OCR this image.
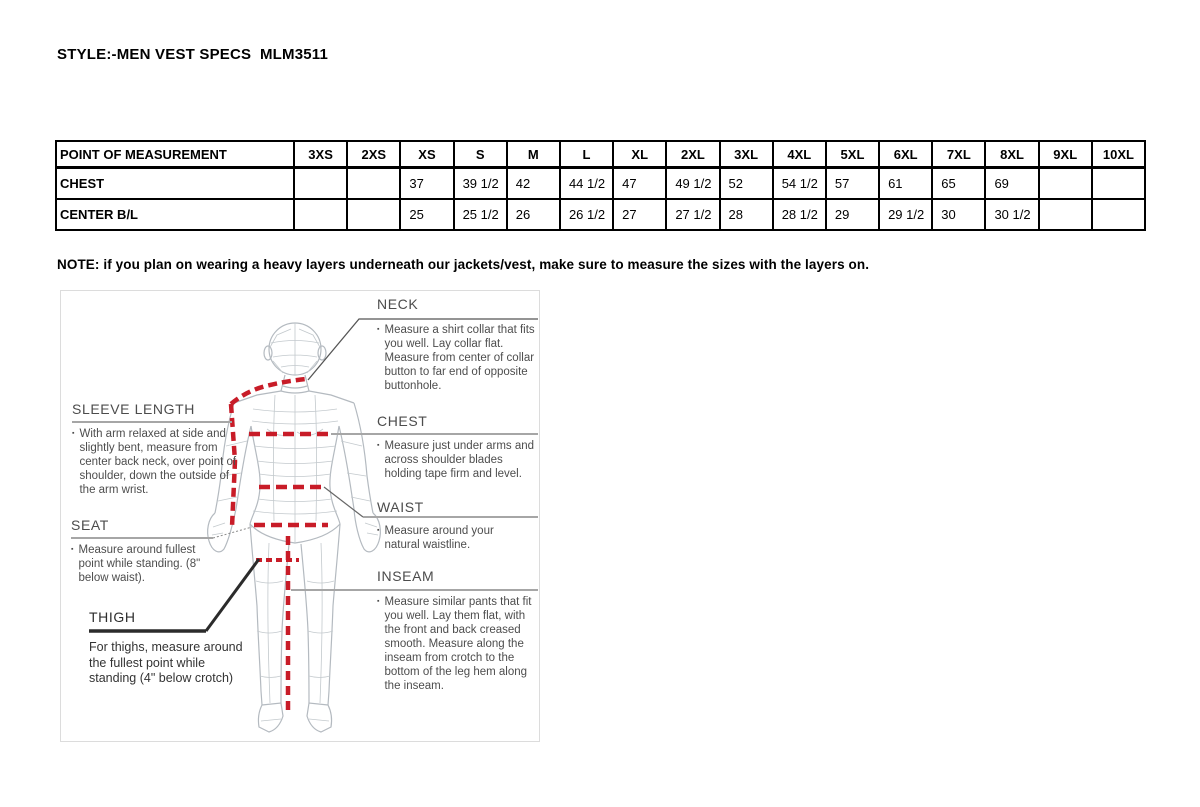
STYLE:-MEN VEST SPECS  MLM3511
POINT OF MEASUREMENT	3XS	2XS	XS	S	M	L	XL	2XL	3XL	4XL	5XL	6XL	7XL	8XL	9XL	10XL
CHEST			37	39 1/2	42	44 1/2	47	49 1/2	52	54 1/2	57	61	65	69		
CENTER B/L			25	25 1/2	26	26 1/2	27	27 1/2	28	28 1/2	29	29 1/2	30	30 1/2		
NOTE: if you plan on wearing a heavy layers underneath our jackets/vest, make sure to measure the sizes with the layers on.
NECK
▪ Measure a shirt collar that fits you well. Lay collar flat. Measure from center of collar button to far end of opposite buttonhole.
CHEST
▪ Measure just under arms and across shoulder blades holding tape firm and level.
WAIST
▪ Measure around your natural waistline.
INSEAM
▪ Measure similar pants that fit you well. Lay them flat, with the front and back creased smooth. Measure along the inseam from crotch to the bottom of the leg hem along the inseam.
SLEEVE LENGTH
▪ With arm relaxed at side and slightly bent, measure from center back neck, over point of shoulder, down the outside of the arm wrist.
SEAT
▪ Measure around fullest point while standing. (8" below waist).
THIGH
For thighs, measure around the fullest point while standing (4" below crotch)
